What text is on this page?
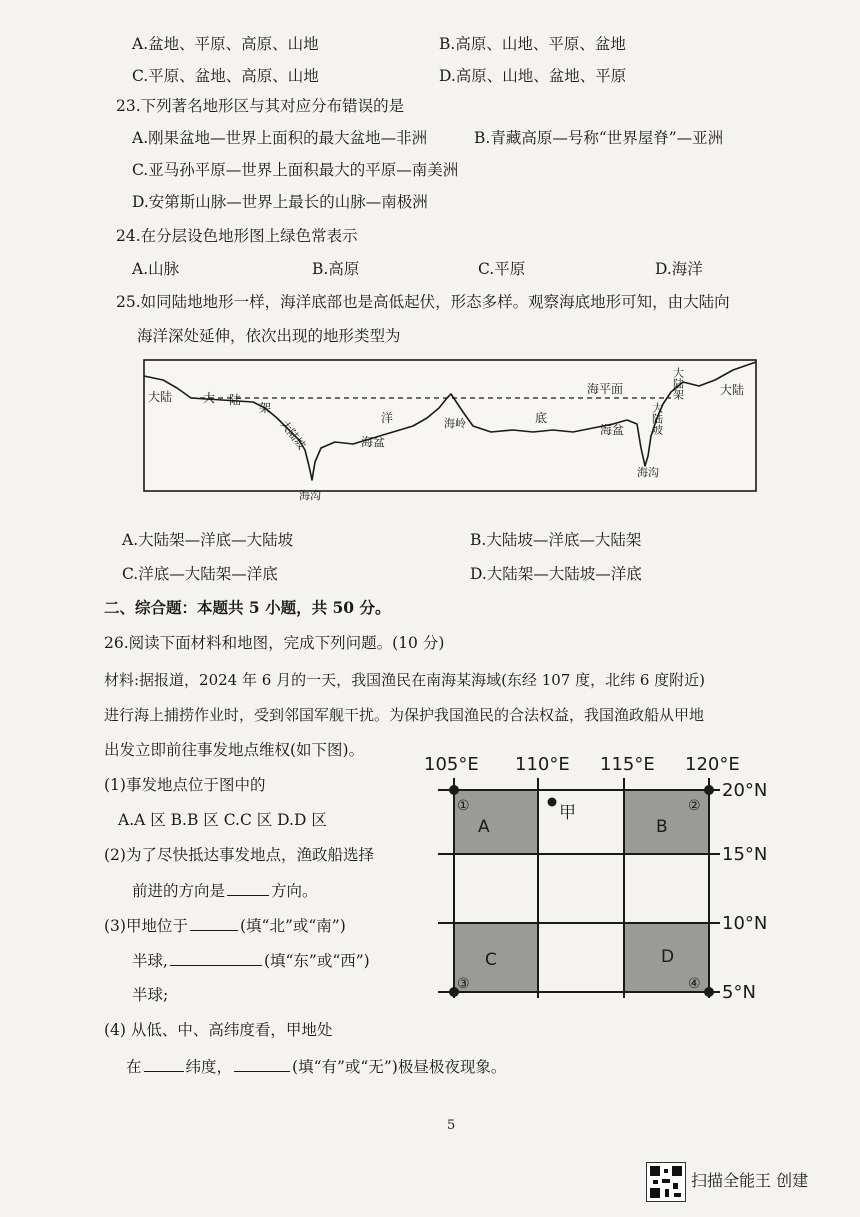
A.盆地、平原、高原、山地	B.高原、山地、平原、盆地
C.平原、盆地、高原、山地	D.高原、山地、盆地、平原
23.下列著名地形区与其对应分布错误的是
A.刚果盆地—世界上面积的最大盆地—非洲	B.青藏高原—号称“世界屋脊”—亚洲
C.亚马孙平原—世界上面积最大的平原—南美洲
D.安第斯山脉—世界上最长的山脉—南极洲
24.在分层设色地形图上绿色常表示
A.山脉	B.高原	C.平原	D.海洋
25.如同陆地地形一样，海洋底部也是高低起伏，形态多样。观察海底地形可知，由大陆向
海洋深处延伸，依次出现的地形类型为
大陆	大 陆
架
大陆坡	洋	底
海盆
海岭	海盆
海平面	大陆架
大陆坡
大陆
海沟
海沟
A.大陆架—洋底—大陆坡	B.大陆坡—洋底—大陆架
C.洋底—大陆架—洋底	D.大陆架—大陆坡—洋底
二、综合题：本题共 5 小题，共 50 分。
26.阅读下面材料和地图，完成下列问题。(10 分)
材料:据报道，2024 年 6 月的一天，我国渔民在南海某海域(东经 107 度，北纬 6 度附近)
进行海上捕捞作业时，受到邻国军舰干扰。为保护我国渔民的合法权益，我国渔政船从甲地
出发立即前往事发地点维权(如下图)。
(1)事发地点位于图中的
A.A 区 B.B 区 C.C 区 D.D 区
(2)为了尽快抵达事发地点，渔政船选择
前进的方向是	方向。
(3)甲地位于	(填“北”或“南”)
半球,	(填“东”或“西”)
半球;
(4) 从低、中、高纬度看，甲地处
在	纬度，	(填“有”或“无”)极昼极夜现象。
105°E 110°E 115°E 120°E
20°N
15°N
10°N
5°N
A	B
C	D
①	②
③	④
甲
5
扫描全能王 创建
